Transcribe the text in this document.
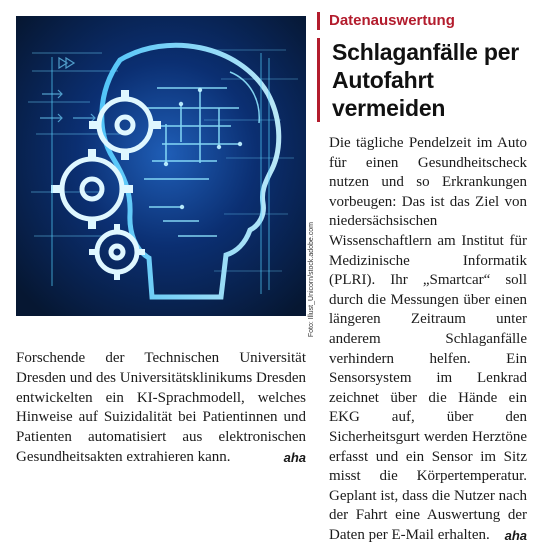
Foto: Illust_Unicorn/stock.adobe.com
Forschende der Technischen Universität Dresden und des Universitätsklinikums Dresden entwickelten ein KI-Sprachmodell, welches Hinweise auf Suizidalität bei Patientinnen und Patienten automatisiert aus elektronischen Gesundheitsakten extrahieren kann.	aha
Datenauswertung
Schlaganfälle per Autofahrt vermeiden
Die tägliche Pendelzeit im Auto für einen Gesundheitscheck nutzen und so Erkrankungen vorbeugen: Das ist das Ziel von niedersächsischen Wissenschaftlern am Institut für Medizinische Informatik (PLRI). Ihr „Smartcar“ soll durch die Messungen über einen längeren Zeitraum unter anderem Schlaganfälle verhindern helfen. Ein Sensorsystem im Lenkrad zeichnet über die Hände ein EKG auf, über den Sicherheitsgurt werden Herztöne erfasst und ein Sensor im Sitz misst die Körpertemperatur. Geplant ist, dass die Nutzer nach der Fahrt eine Auswertung der Daten per E-Mail erhalten. aha
